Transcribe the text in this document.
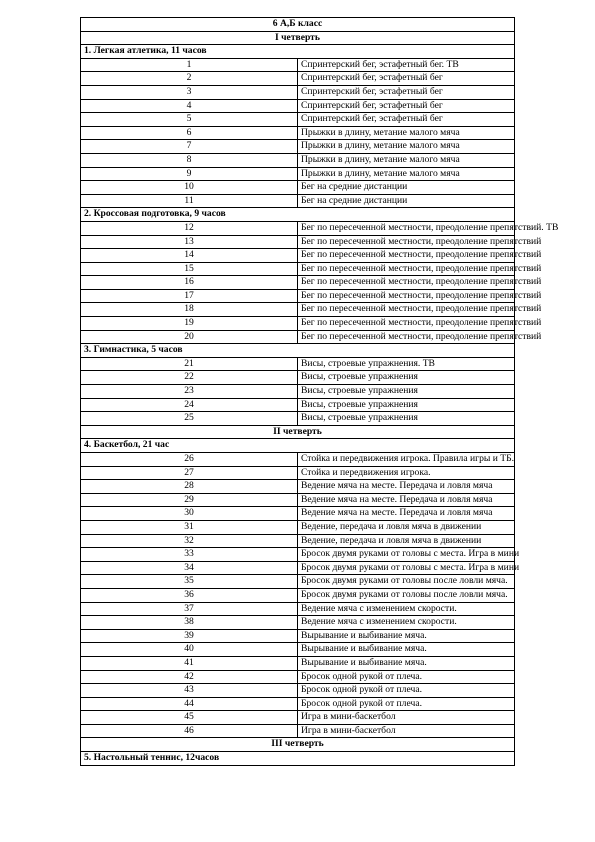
6 А,Б класс	
I четверть	
1. Легкая атлетика, 11 часов	
1	Спринтерский бег, эстафетный бег. ТВ
2	Спринтерский бег, эстафетный бег
3	Спринтерский бег, эстафетный бег
4	Спринтерский бег, эстафетный бег
5	Спринтерский бег, эстафетный бег
6	Прыжки в длину, метание малого мяча
7	Прыжки в длину, метание малого мяча
8	Прыжки в длину, метание малого мяча
9	Прыжки в длину, метание малого мяча
10	Бег на средние дистанции
11	Бег на средние дистанции
2. Кроссовая подготовка, 9 часов	
12	Бег по пересеченной местности, преодоление препятствий. ТВ
13	Бег по пересеченной местности, преодоление препятствий
14	Бег по пересеченной местности, преодоление препятствий
15	Бег по пересеченной местности, преодоление препятствий
16	Бег по пересеченной местности, преодоление препятствий
17	Бег по пересеченной местности, преодоление препятствий
18	Бег по пересеченной местности, преодоление препятствий
19	Бег по пересеченной местности, преодоление препятствий
20	Бег по пересеченной местности, преодоление препятствий
3. Гимнастика, 5 часов	
21	Висы, строевые упражнения. ТВ
22	Висы, строевые упражнения
23	Висы, строевые упражнения
24	Висы, строевые упражнения
25	Висы, строевые упражнения
II четверть	
4. Баскетбол, 21 час	
26	Стойка и передвижения игрока. Правила игры и ТБ.
27	Стойка и передвижения игрока.
28	Ведение мяча на месте. Передача и ловля мяча
29	Ведение мяча на месте. Передача и ловля мяча
30	Ведение мяча на месте. Передача и ловля мяча
31	Ведение, передача и ловля мяча в движении
32	Ведение, передача и ловля мяча в движении
33	Бросок двумя руками от головы с места. Игра в мини
34	Бросок двумя руками от головы с места. Игра в мини
35	Бросок двумя руками от головы после ловли мяча.
36	Бросок двумя руками от головы после ловли мяча.
37	Ведение мяча с изменением скорости.
38	Ведение мяча с изменением скорости.
39	Вырывание и выбивание мяча.
40	Вырывание и выбивание мяча.
41	Вырывание и выбивание мяча.
42	Бросок одной рукой от плеча.
43	Бросок одной рукой от плеча.
44	Бросок одной рукой от плеча.
45	Игра в мини-баскетбол
46	Игра в мини-баскетбол
III четверть	
5. Настольный теннис, 12часов	
